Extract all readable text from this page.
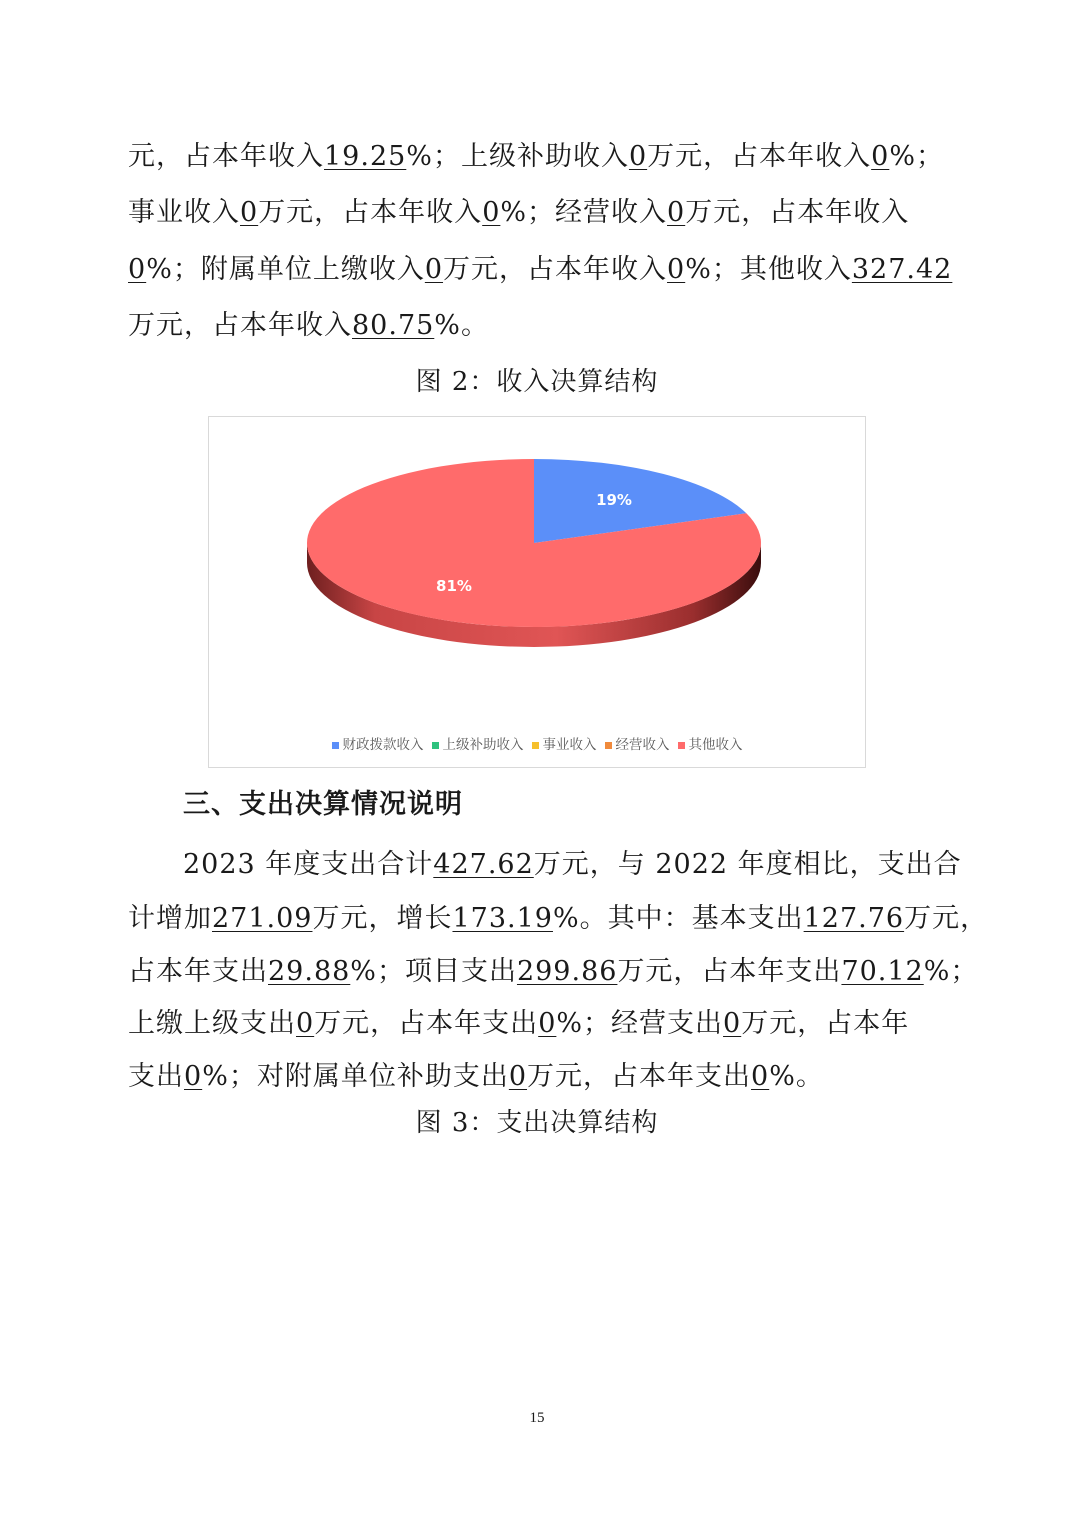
元，占本年收入19.25%；上级补助收入0万元，占本年收入0%；
事业收入0万元，占本年收入0%；经营收入0万元，占本年收入
0%；附属单位上缴收入0万元，占本年收入0%；其他收入327.42
万元，占本年收入80.75%。
图 2：收入决算结构
19%
81%
财政拨款收入 上级补助收入 事业收入 经营收入 其他收入
三、支出决算情况说明
2023 年度支出合计427.62万元，与 2022 年度相比，支出合
计增加271.09万元，增长173.19%。其中：基本支出127.76万元，
占本年支出29.88%；项目支出299.86万元，占本年支出70.12%；
上缴上级支出0万元，占本年支出0%；经营支出0万元，占本年
支出0%；对附属单位补助支出0万元，占本年支出0%。
图 3：支出决算结构
15
